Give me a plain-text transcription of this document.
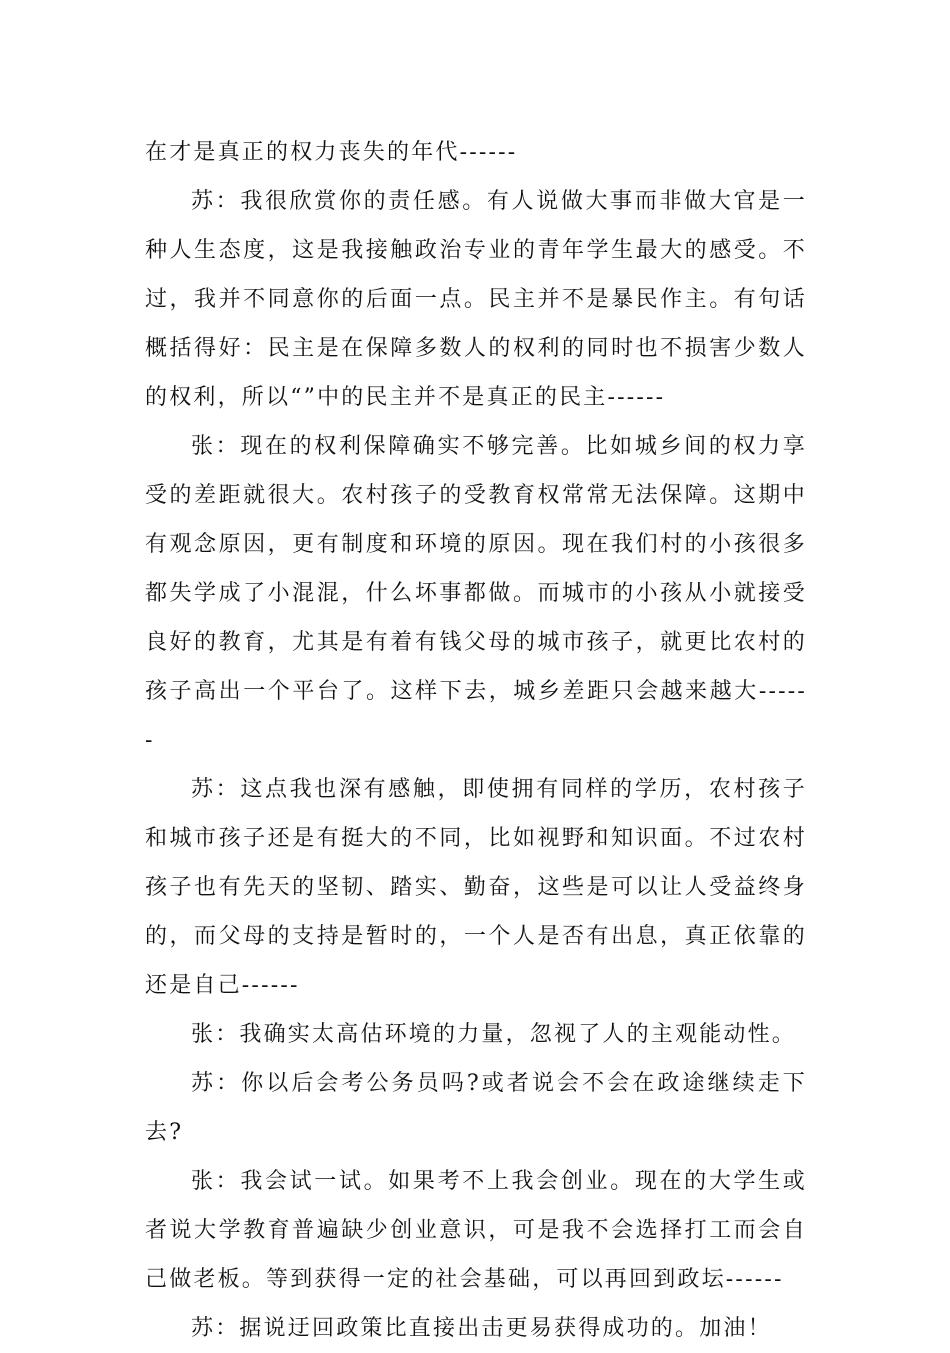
在才是真正的权力丧失的年代------

苏：我很欣赏你的责任感。有人说做大事而非做大官是一种人生态度，这是我接触政治专业的青年学生最大的感受。不过，我并不同意你的后面一点。民主并不是暴民作主。有句话概括得好：民主是在保障多数人的权利的同时也不损害少数人的权利，所以“”中的民主并不是真正的民主------

张：现在的权利保障确实不够完善。比如城乡间的权力享受的差距就很大。农村孩子的受教育权常常无法保障。这期中有观念原因，更有制度和环境的原因。现在我们村的小孩很多都失学成了小混混，什么坏事都做。而城市的小孩从小就接受良好的教育，尤其是有着有钱父母的城市孩子，就更比农村的孩子高出一个平台了。这样下去，城乡差距只会越来越大------

苏：这点我也深有感触，即使拥有同样的学历，农村孩子和城市孩子还是有挺大的不同，比如视野和知识面。不过农村孩子也有先天的坚韧、踏实、勤奋，这些是可以让人受益终身的，而父母的支持是暂时的，一个人是否有出息，真正依靠的还是自己------

张：我确实太高估环境的力量，忽视了人的主观能动性。

苏：你以后会考公务员吗?或者说会不会在政途继续走下去?

张：我会试一试。如果考不上我会创业。现在的大学生或者说大学教育普遍缺少创业意识，可是我不会选择打工而会自己做老板。等到获得一定的社会基础，可以再回到政坛------

苏：据说迂回政策比直接出击更易获得成功的。加油！
